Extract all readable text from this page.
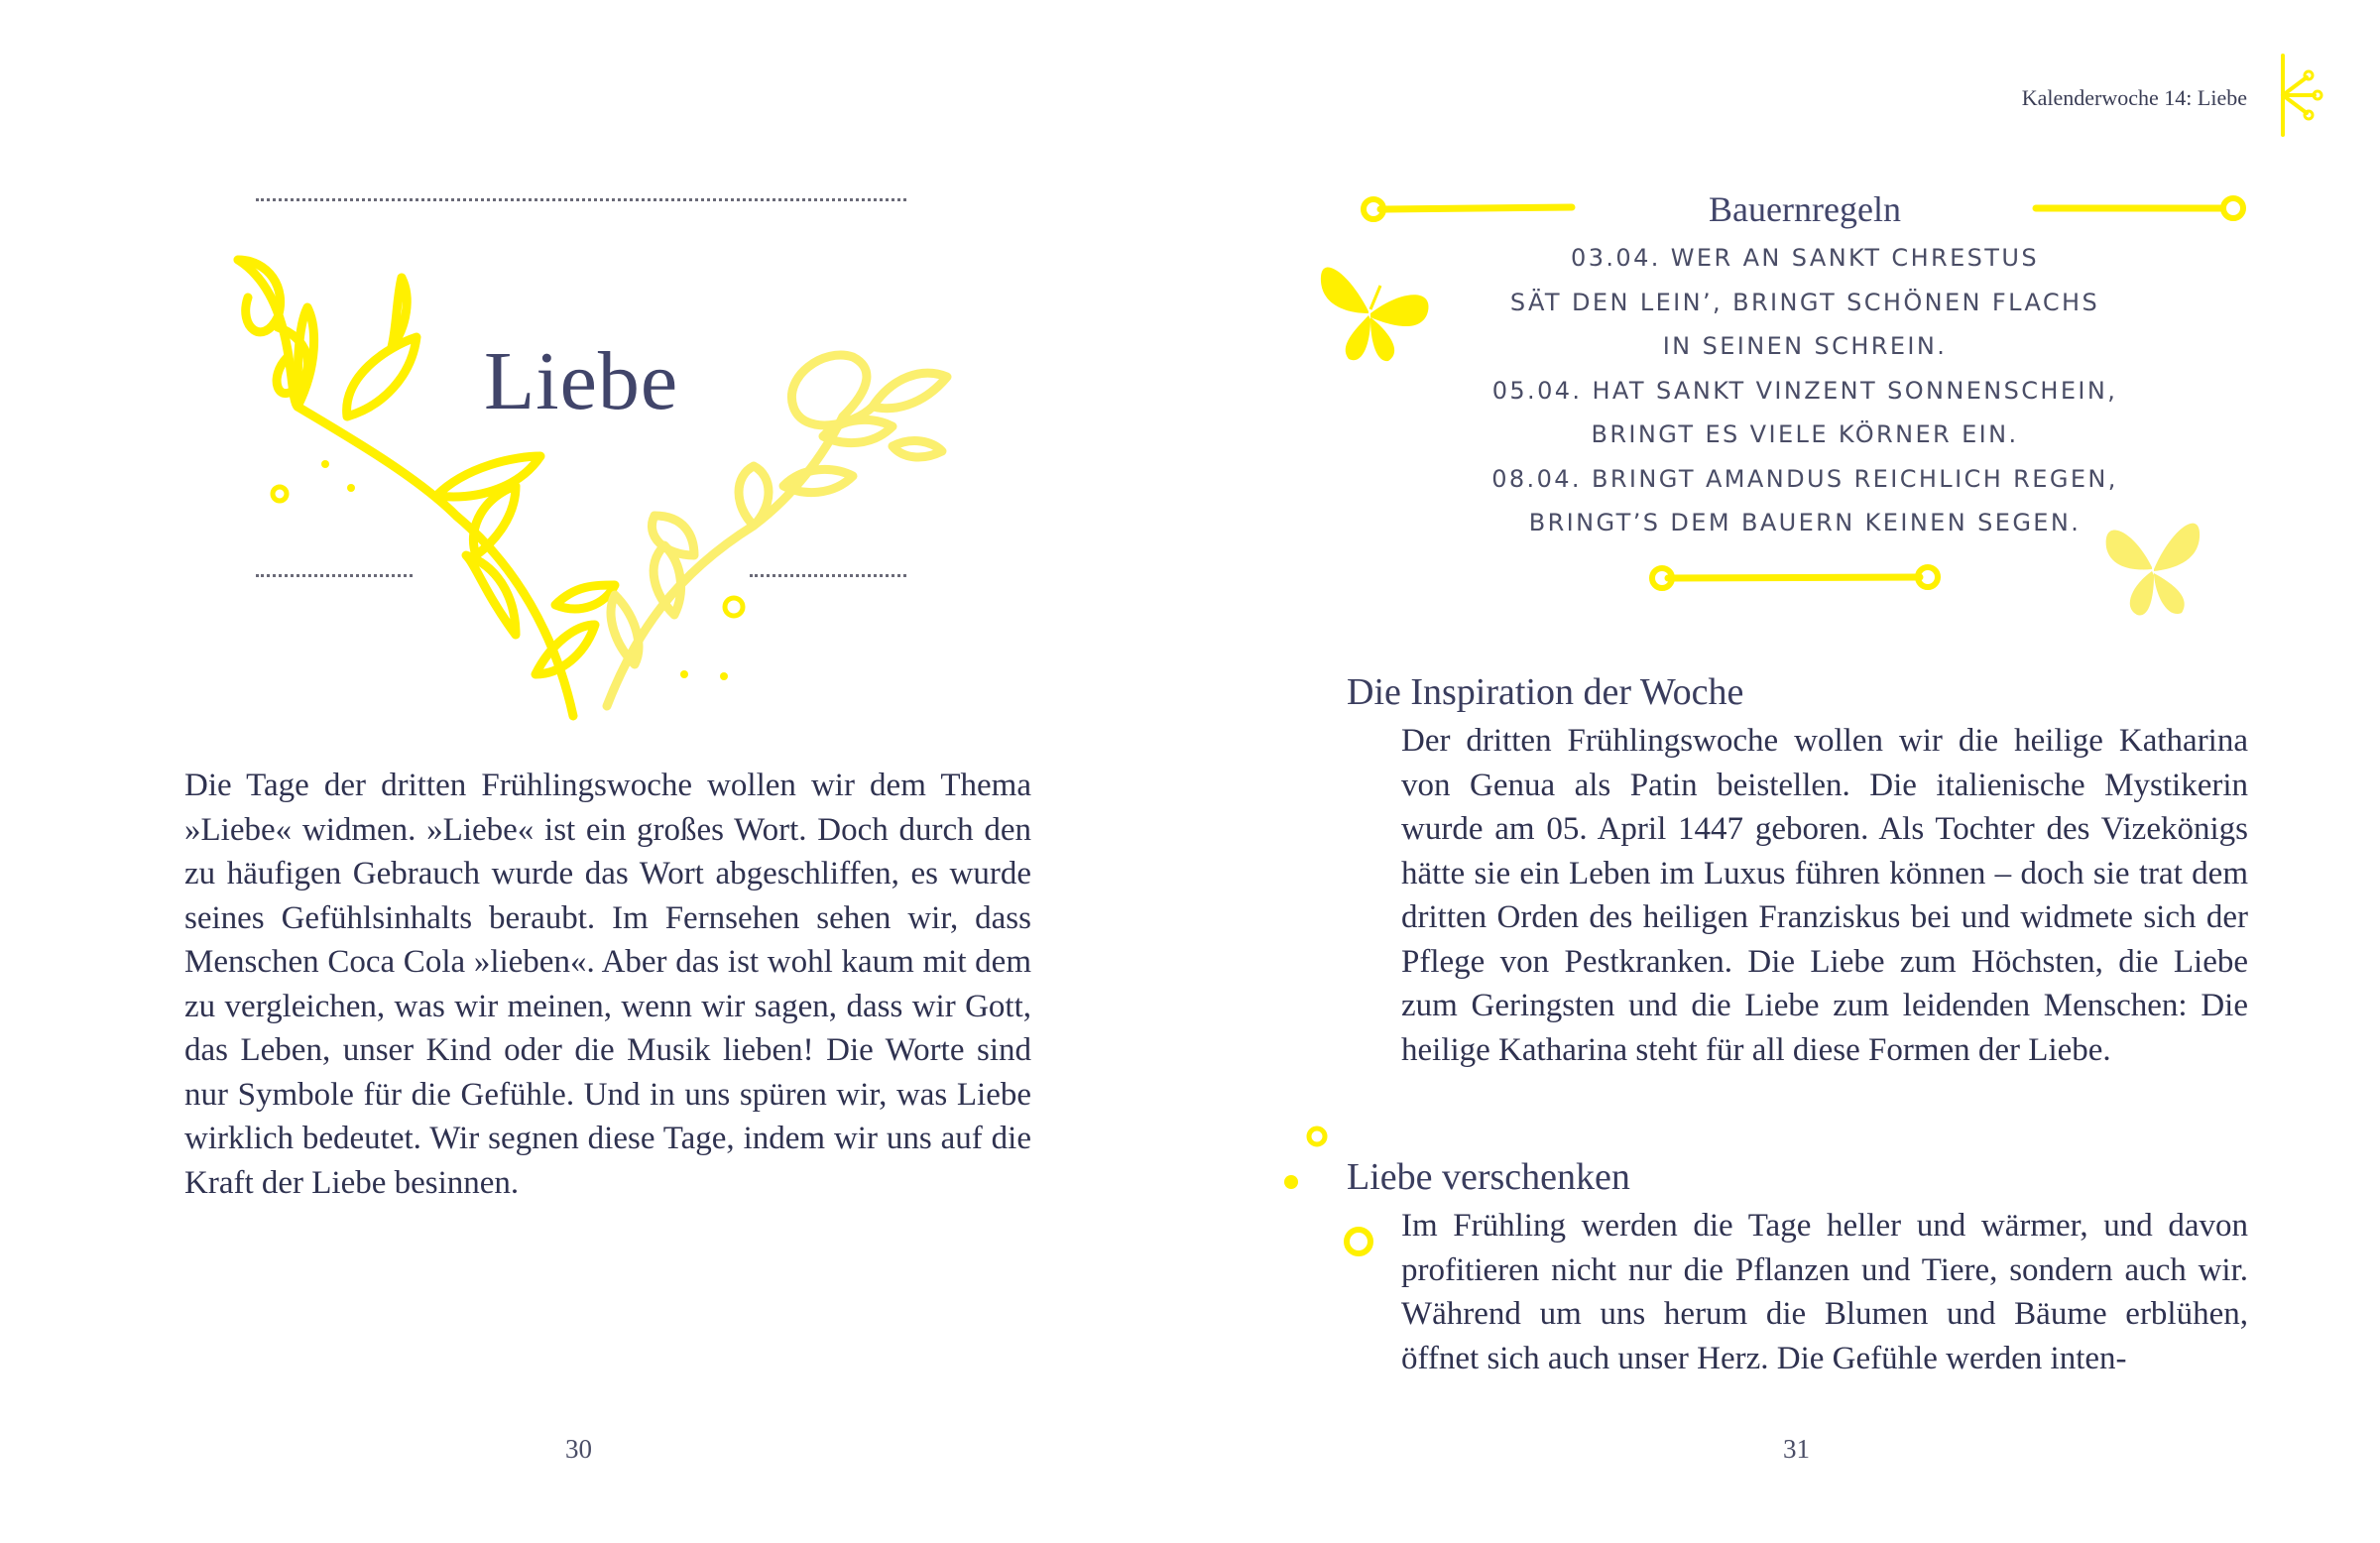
Liebe

Die Tage der dritten Frühlingswoche wollen wir dem Thema »Liebe« widmen. »Liebe« ist ein großes Wort. Doch durch den zu häufigen Gebrauch wurde das Wort abgeschliffen, es wurde seines Gefühlsinhalts beraubt. Im Fernsehen sehen wir, dass Menschen Coca Cola »lieben«. Aber das ist wohl kaum mit dem zu vergleichen, was wir meinen, wenn wir sagen, dass wir Gott, das Leben, unser Kind oder die Musik lieben! Die Worte sind nur Symbole für die Gefühle. Und in uns spüren wir, was Liebe wirklich bedeutet. Wir segnen diese Tage, indem wir uns auf die Kraft der Liebe besinnen.

30
Kalenderwoche 14: Liebe
Bauernregeln
03.04. WER AN SANKT CHRESTUS
SÄT DEN LEIN’, BRINGT SCHÖNEN FLACHS
IN SEINEN SCHREIN.
05.04. HAT SANKT VINZENT SONNENSCHEIN,
BRINGT ES VIELE KÖRNER EIN.
08.04. BRINGT AMANDUS REICHLICH REGEN,
BRINGT’S DEM BAUERN KEINEN SEGEN.
Die Inspiration der Woche

Der dritten Frühlingswoche wollen wir die heilige Katharina von Genua als Patin beistellen. Die italienische Mystikerin wurde am 05. April 1447 geboren. Als Tochter des Vizekönigs hätte sie ein Leben im Luxus führen können – doch sie trat dem dritten Orden des heiligen Franziskus bei und widmete sich der Pflege von Pestkranken. Die Liebe zum Höchsten, die Liebe zum Geringsten und die Liebe zum leidenden Menschen: Die heilige Katharina steht für all diese Formen der Liebe.

Liebe verschenken

Im Frühling werden die Tage heller und wärmer, und davon profitieren nicht nur die Pflanzen und Tiere, sondern auch wir. Während um uns herum die Blumen und Bäume erblühen, öffnet sich auch unser Herz. Die Gefühle werden inten-

31
